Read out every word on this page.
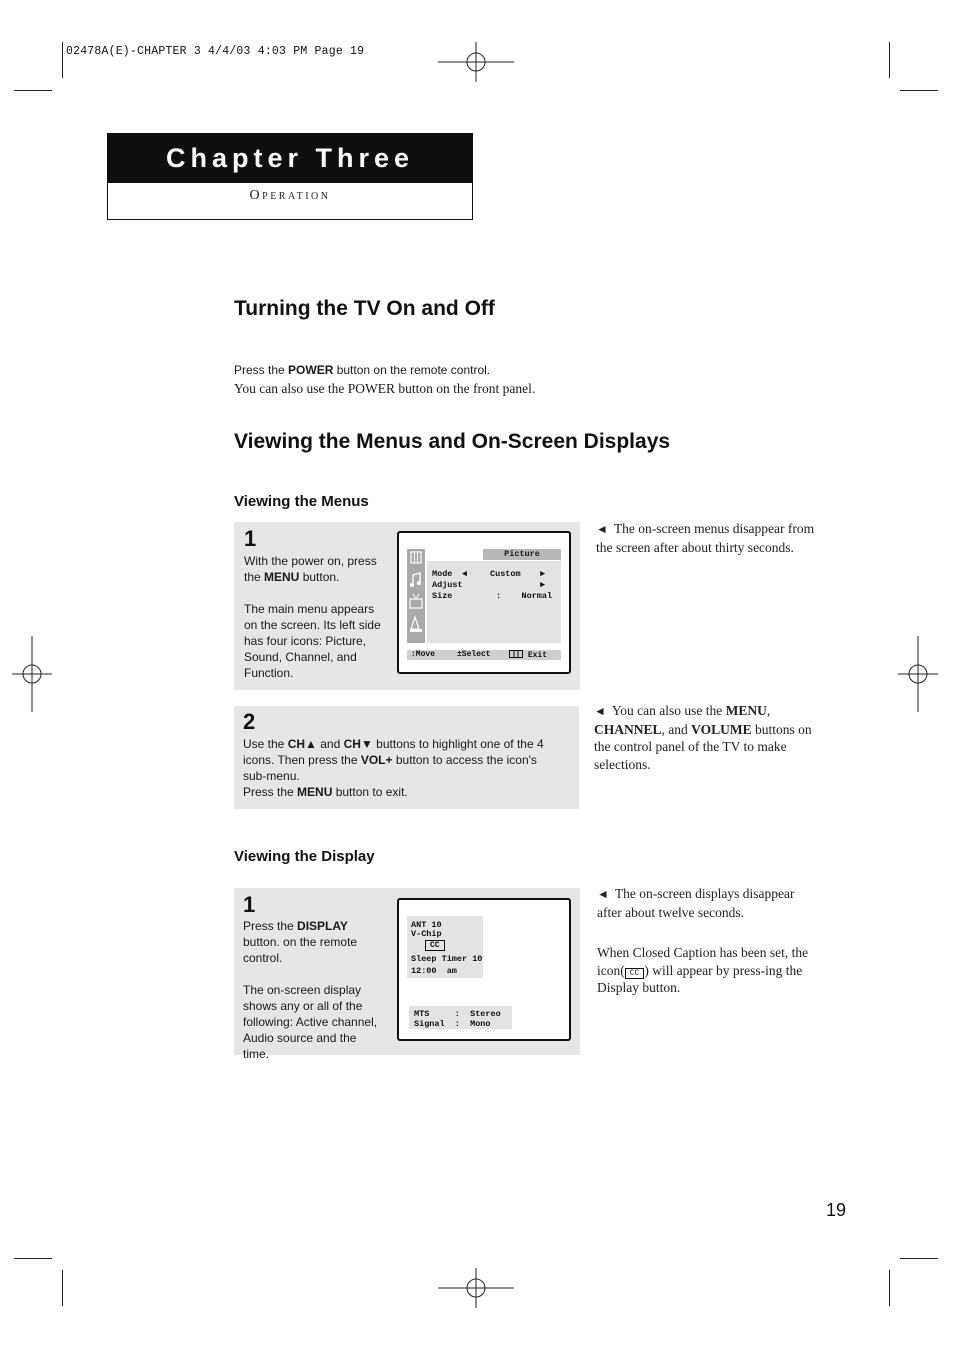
02478A(E)-CHAPTER 3 4/4/03 4:03 PM Page 19
Chapter Three
Operation
Turning the TV On and Off
Press the POWER button on the remote control.
You can also use the POWER button on the front panel.
Viewing the Menus and On-Screen Displays
Viewing the Menus
1
With the power on, press the MENU button.
The main menu appears on the screen. Its left side has four icons: Picture, Sound, Channel, and Function.
Picture
Mode ◄	Custom ►
Adjust	►
Size	:    Normal
↕Move	±Select	Exit
2
Use the CH▲ and CH▼ buttons to highlight one of the 4 icons. Then press the VOL+ button to access the icon's sub-menu.
Press the MENU button to exit.
◄ The on-screen menus disappear from the screen after about thirty seconds.
◄ You can also use the MENU, CHANNEL, and VOLUME buttons on the control panel of the TV to make selections.
Viewing the Display
1
Press the DISPLAY button. on the remote control.
The on-screen display shows any or all of the following: Active channel, Audio source and the time.
ANT 10
V-Chip
CC
Sleep Timer 10
12:00  am
MTS     :  Stereo
Signal  :  Mono
◄ The on-screen displays disappear after about twelve seconds.
When Closed Caption has been set, the icon( CC ) will appear by press-ing the Display button.
19
